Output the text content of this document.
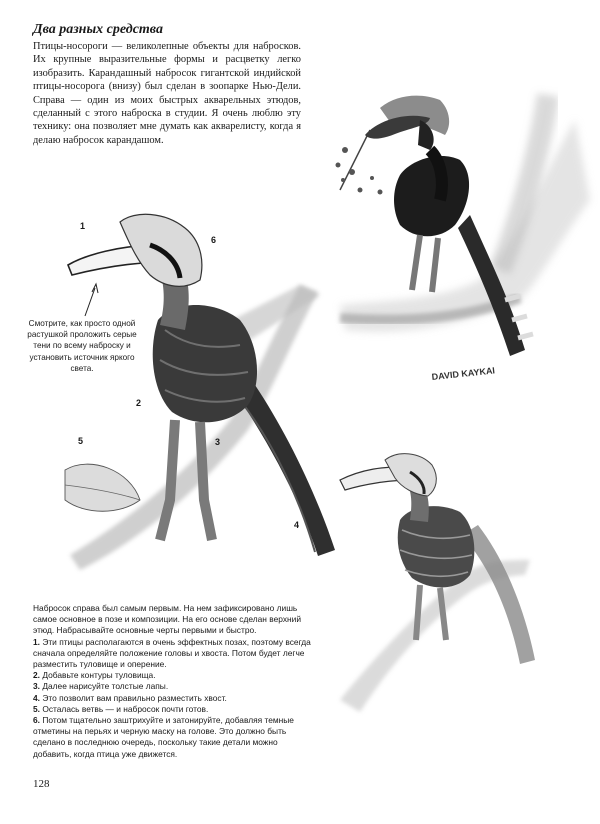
Два разных средства

Птицы-носороги — великолепные объекты для набросков. Их крупные выразительные формы и расцветку легко изобразить. Карандашный набросок гигантской индийской птицы-носорога (внизу) был сделан в зоопарке Нью-Дели. Справа — один из моих быстрых акварельных этюдов, сделанный с этого наброска в студии. Я очень люблю эту технику: она позволяет мне думать как акварелисту, когда я делаю набросок карандашом.

DAVID KAYKAI

Смотрите, как просто одной растушкой проложить серые тени по всему наброску и установить источник яркого света.

1
2
3
4
5
6

Набросок справа был самым первым. На нем зафиксировано лишь самое основное в позе и композиции. На его основе сделан верхний этюд. Набрасывайте основные черты первыми и быстро.

1. Эти птицы располагаются в очень эффектных позах, поэтому всегда сначала определяйте положение головы и хвоста. Потом будет легче разместить туловище и оперение.

2. Добавьте контуры туловища.

3. Далее нарисуйте толстые лапы.

4. Это позволит вам правильно разместить хвост.

5. Осталась ветвь — и набросок почти готов.

6. Потом тщательно заштрихуйте и затонируйте, добавляя темные отметины на перьях и черную маску на голове. Это должно быть сделано в последнюю очередь, поскольку такие детали можно добавить, когда птица уже движется.

128
